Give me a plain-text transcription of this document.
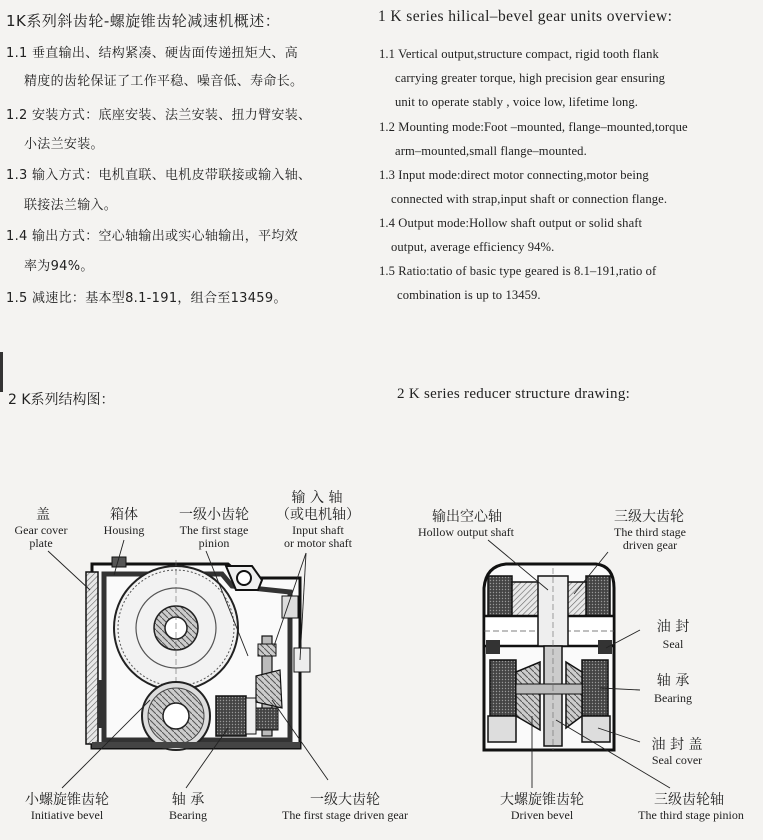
1K系列斜齿轮-螺旋锥齿轮减速机概述：
1.1 垂直输出、结构紧凑、硬齿面传递扭矩大、高
精度的齿轮保证了工作平稳、噪音低、寿命长。
1.2 安装方式：底座安装、法兰安装、扭力臂安装、
小法兰安装。
1.3 输入方式：电机直联、电机皮带联接或输入轴、
联接法兰输入。
1.4 输出方式：空心轴输出或实心轴输出，平均效
率为94%。
1.5 减速比：基本型8.1-191，组合至13459。
1 K series hilical–bevel gear units overview:
1.1 Vertical output,structure compact, rigid tooth flank
carrying greater torque, high precision gear ensuring
unit to operate stably , voice low, lifetime long.
1.2 Mounting mode:Foot –mounted, flange–mounted,torque
arm–mounted,small flange–mounted.
1.3 Input mode:direct motor connecting,motor being
connected with strap,input shaft or connection flange.
1.4 Output mode:Hollow shaft output or solid shaft
output, average efficiency 94%.
1.5 Ratio:tatio of basic type geared is 8.1–191,ratio of
combination is up to 13459.
2 K系列结构图：	2 K series reducer structure drawing:
盖
Gear cover
plate
箱体
Housing
一级小齿轮
The first stage
pinion
输 入 轴
（或电机轴）
Input shaft
or motor shaft
小螺旋锥齿轮
Initiative bevel
轴 承
Bearing
一级大齿轮
The first stage driven gear
输出空心轴
Hollow output shaft
三级大齿轮
The third stage
driven gear
油 封
Seal
轴 承
Bearing
油 封 盖
Seal cover
大螺旋锥齿轮
Driven bevel
三级齿轮轴
The third stage pinion
